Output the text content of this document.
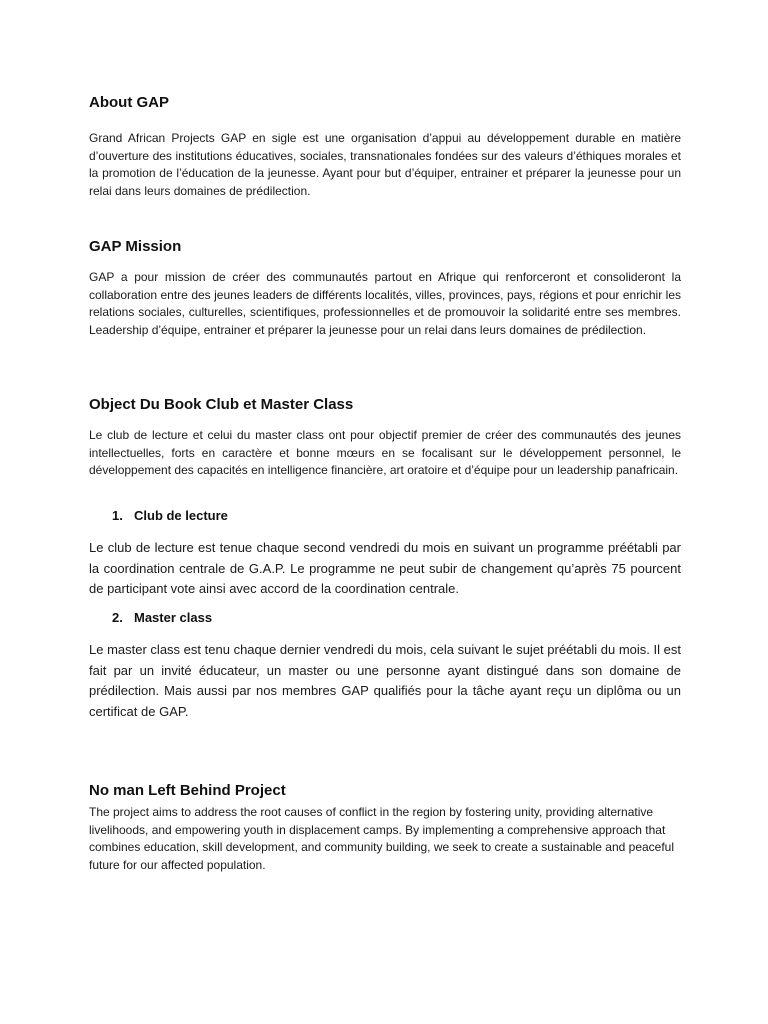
About GAP

Grand African Projects GAP en sigle est une organisation d’appui au développement durable en matière d’ouverture des institutions éducatives, sociales, transnationales fondées sur des valeurs d’éthiques morales et la promotion de l’éducation de la jeunesse. Ayant pour but d’équiper, entrainer et préparer la jeunesse pour un relai dans leurs domaines de prédilection.

GAP Mission

GAP a pour mission de créer des communautés partout en Afrique qui renforceront et consolideront la collaboration entre des jeunes leaders de différents localités, villes, provinces, pays, régions et pour enrichir les relations sociales, culturelles, scientifiques, professionnelles et de promouvoir la solidarité entre ses membres. Leadership d’équipe, entrainer et préparer la jeunesse pour un relai dans leurs domaines de prédilection.

Object Du Book Club et Master Class

Le club de lecture et celui du master class ont pour objectif premier de créer des communautés des jeunes intellectuelles, forts en caractère et bonne mœurs en se focalisant sur le développement personnel, le développement des capacités en intelligence financière, art oratoire et d’équipe pour un leadership panafricain.

1. Club de lecture

Le club de lecture est tenue chaque second vendredi du mois en suivant un programme préétabli par la coordination centrale de G.A.P. Le programme ne peut subir de changement qu’après 75 pourcent de participant vote ainsi avec accord de la coordination centrale.

2. Master class

Le master class est tenu chaque dernier vendredi du mois, cela suivant le sujet préétabli du mois. Il est fait par un invité éducateur, un master ou une personne ayant distingué dans son domaine de prédilection. Mais aussi par nos membres GAP qualifiés pour la tâche ayant reçu un diplôma ou un certificat de GAP.

No man Left Behind Project

The project aims to address the root causes of conflict in the region by fostering unity, providing alternative livelihoods, and empowering youth in displacement camps. By implementing a comprehensive approach that combines education, skill development, and community building, we seek to create a sustainable and peaceful future for our affected population.
